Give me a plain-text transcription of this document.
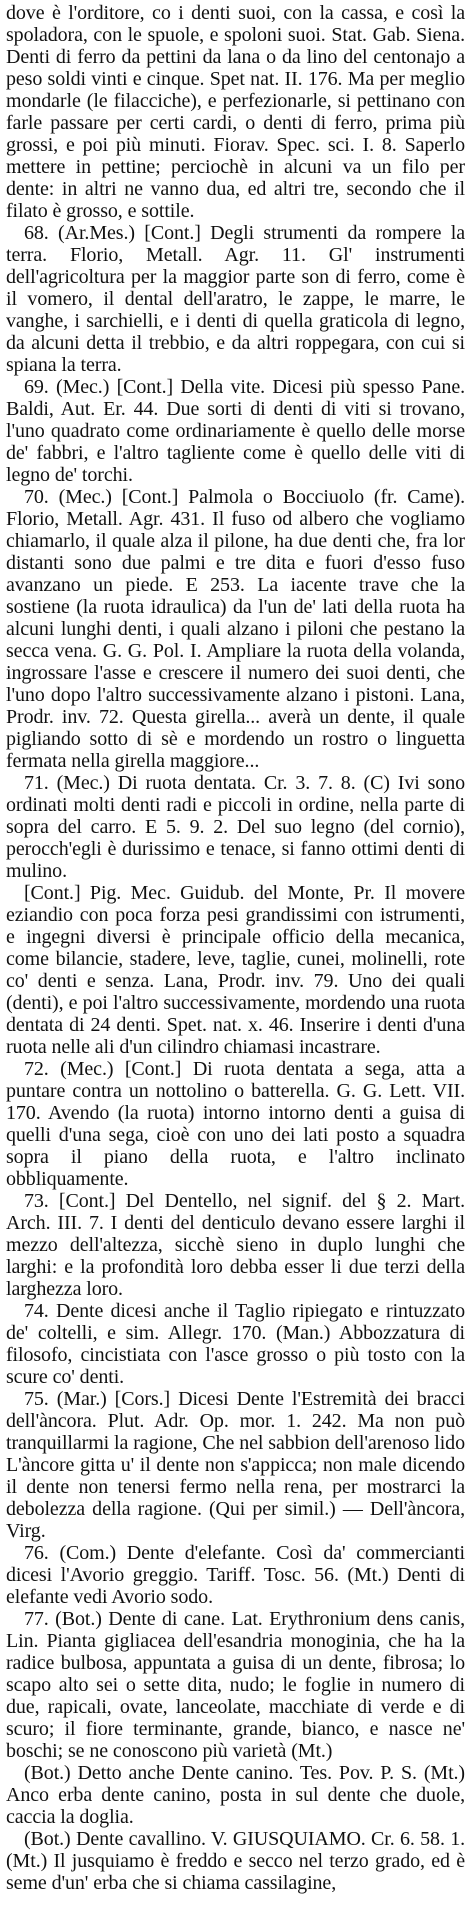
dove è l'orditore, co i denti suoi, con la cassa, e così la spoladora, con le spuole, e spoloni suoi. Stat. Gab. Siena. Denti di ferro da pettini da lana o da lino del centonajo a peso soldi vinti e cinque. Spet nat. II. 176. Ma per meglio mondarle (le filacciche), e perfezionarle, si pettinano con farle passare per certi cardi, o denti di ferro, prima più grossi, e poi più minuti. Fiorav. Spec. sci. I. 8. Saperlo mettere in pettine; perciochè in alcuni va un filo per dente: in altri ne vanno dua, ed altri tre, secondo che il filato è grosso, e sottile.

68. (Ar.Mes.) [Cont.] Degli strumenti da rompere la terra. Florio, Metall. Agr. 11. Gl' instrumenti dell'agricoltura per la maggior parte son di ferro, come è il vomero, il dental dell'aratro, le zappe, le marre, le vanghe, i sarchielli, e i denti di quella graticola di legno, da alcuni detta il trebbio, e da altri roppegara, con cui si spiana la terra.

69. (Mec.) [Cont.] Della vite. Dicesi più spesso Pane. Baldi, Aut. Er. 44. Due sorti di denti di viti si trovano, l'uno quadrato come ordinariamente è quello delle morse de' fabbri, e l'altro tagliente come è quello delle viti di legno de' torchi.

70. (Mec.) [Cont.] Palmola o Bocciuolo (fr. Came). Florio, Metall. Agr. 431. Il fuso od albero che vogliamo chiamarlo, il quale alza il pilone, ha due denti che, fra lor distanti sono due palmi e tre dita e fuori d'esso fuso avanzano un piede. E 253. La iacente trave che la sostiene (la ruota idraulica) da l'un de' lati della ruota ha alcuni lunghi denti, i quali alzano i piloni che pestano la secca vena. G. G. Pol. I. Ampliare la ruota della volanda, ingrossare l'asse e crescere il numero dei suoi denti, che l'uno dopo l'altro successivamente alzano i pistoni. Lana, Prodr. inv. 72. Questa girella... averà un dente, il quale pigliando sotto di sè e mordendo un rostro o linguetta fermata nella girella maggiore...

71. (Mec.) Di ruota dentata. Cr. 3. 7. 8. (C) Ivi sono ordinati molti denti radi e piccoli in ordine, nella parte di sopra del carro. E 5. 9. 2. Del suo legno (del cornio), perocch'egli è durissimo e tenace, si fanno ottimi denti di mulino.

[Cont.] Pig. Mec. Guidub. del Monte, Pr. Il movere eziandio con poca forza pesi grandissimi con istrumenti, e ingegni diversi è principale officio della mecanica, come bilancie, stadere, leve, taglie, cunei, molinelli, rote co' denti e senza. Lana, Prodr. inv. 79. Uno dei quali (denti), e poi l'altro successivamente, mordendo una ruota dentata di 24 denti. Spet. nat. x. 46. Inserire i denti d'una ruota nelle ali d'un cilindro chiamasi incastrare.

72. (Mec.) [Cont.] Di ruota dentata a sega, atta a puntare contra un nottolino o batterella. G. G. Lett. VII. 170. Avendo (la ruota) intorno intorno denti a guisa di quelli d'una sega, cioè con uno dei lati posto a squadra sopra il piano della ruota, e l'altro inclinato obbliquamente.

73. [Cont.] Del Dentello, nel signif. del § 2. Mart. Arch. III. 7. I denti del denticulo devano essere larghi il mezzo dell'altezza, sicchè sieno in duplo lunghi che larghi: e la profondità loro debba esser li due terzi della larghezza loro.

74. Dente dicesi anche il Taglio ripiegato e rintuzzato de' coltelli, e sim. Allegr. 170. (Man.) Abbozzatura di filosofo, cincistiata con l'asce grosso o più tosto con la scure co' denti.

75. (Mar.) [Cors.] Dicesi Dente l'Estremità dei bracci dell'àncora. Plut. Adr. Op. mor. 1. 242. Ma non può tranquillarmi la ragione, Che nel sabbion dell'arenoso lido L'àncore gitta u' il dente non s'appicca; non male dicendo il dente non tenersi fermo nella rena, per mostrarci la debolezza della ragione. (Qui per simil.) — Dell'àncora, Virg.

76. (Com.) Dente d'elefante. Così da' commercianti dicesi l'Avorio greggio. Tariff. Tosc. 56. (Mt.) Denti di elefante vedi Avorio sodo.

77. (Bot.) Dente di cane. Lat. Erythronium dens canis, Lin. Pianta gigliacea dell'esandria monoginia, che ha la radice bulbosa, appuntata a guisa di un dente, fibrosa; lo scapo alto sei o sette dita, nudo; le foglie in numero di due, rapicali, ovate, lanceolate, macchiate di verde e di scuro; il fiore terminante, grande, bianco, e nasce ne' boschi; se ne conoscono più varietà (Mt.)

(Bot.) Detto anche Dente canino. Tes. Pov. P. S. (Mt.) Anco erba dente canino, posta in sul dente che duole, caccia la doglia.

(Bot.) Dente cavallino. V. GIUSQUIAMO. Cr. 6. 58. 1. (Mt.) Il jusquiamo è freddo e secco nel terzo grado, ed è seme d'un' erba che si chiama cassilagine,
